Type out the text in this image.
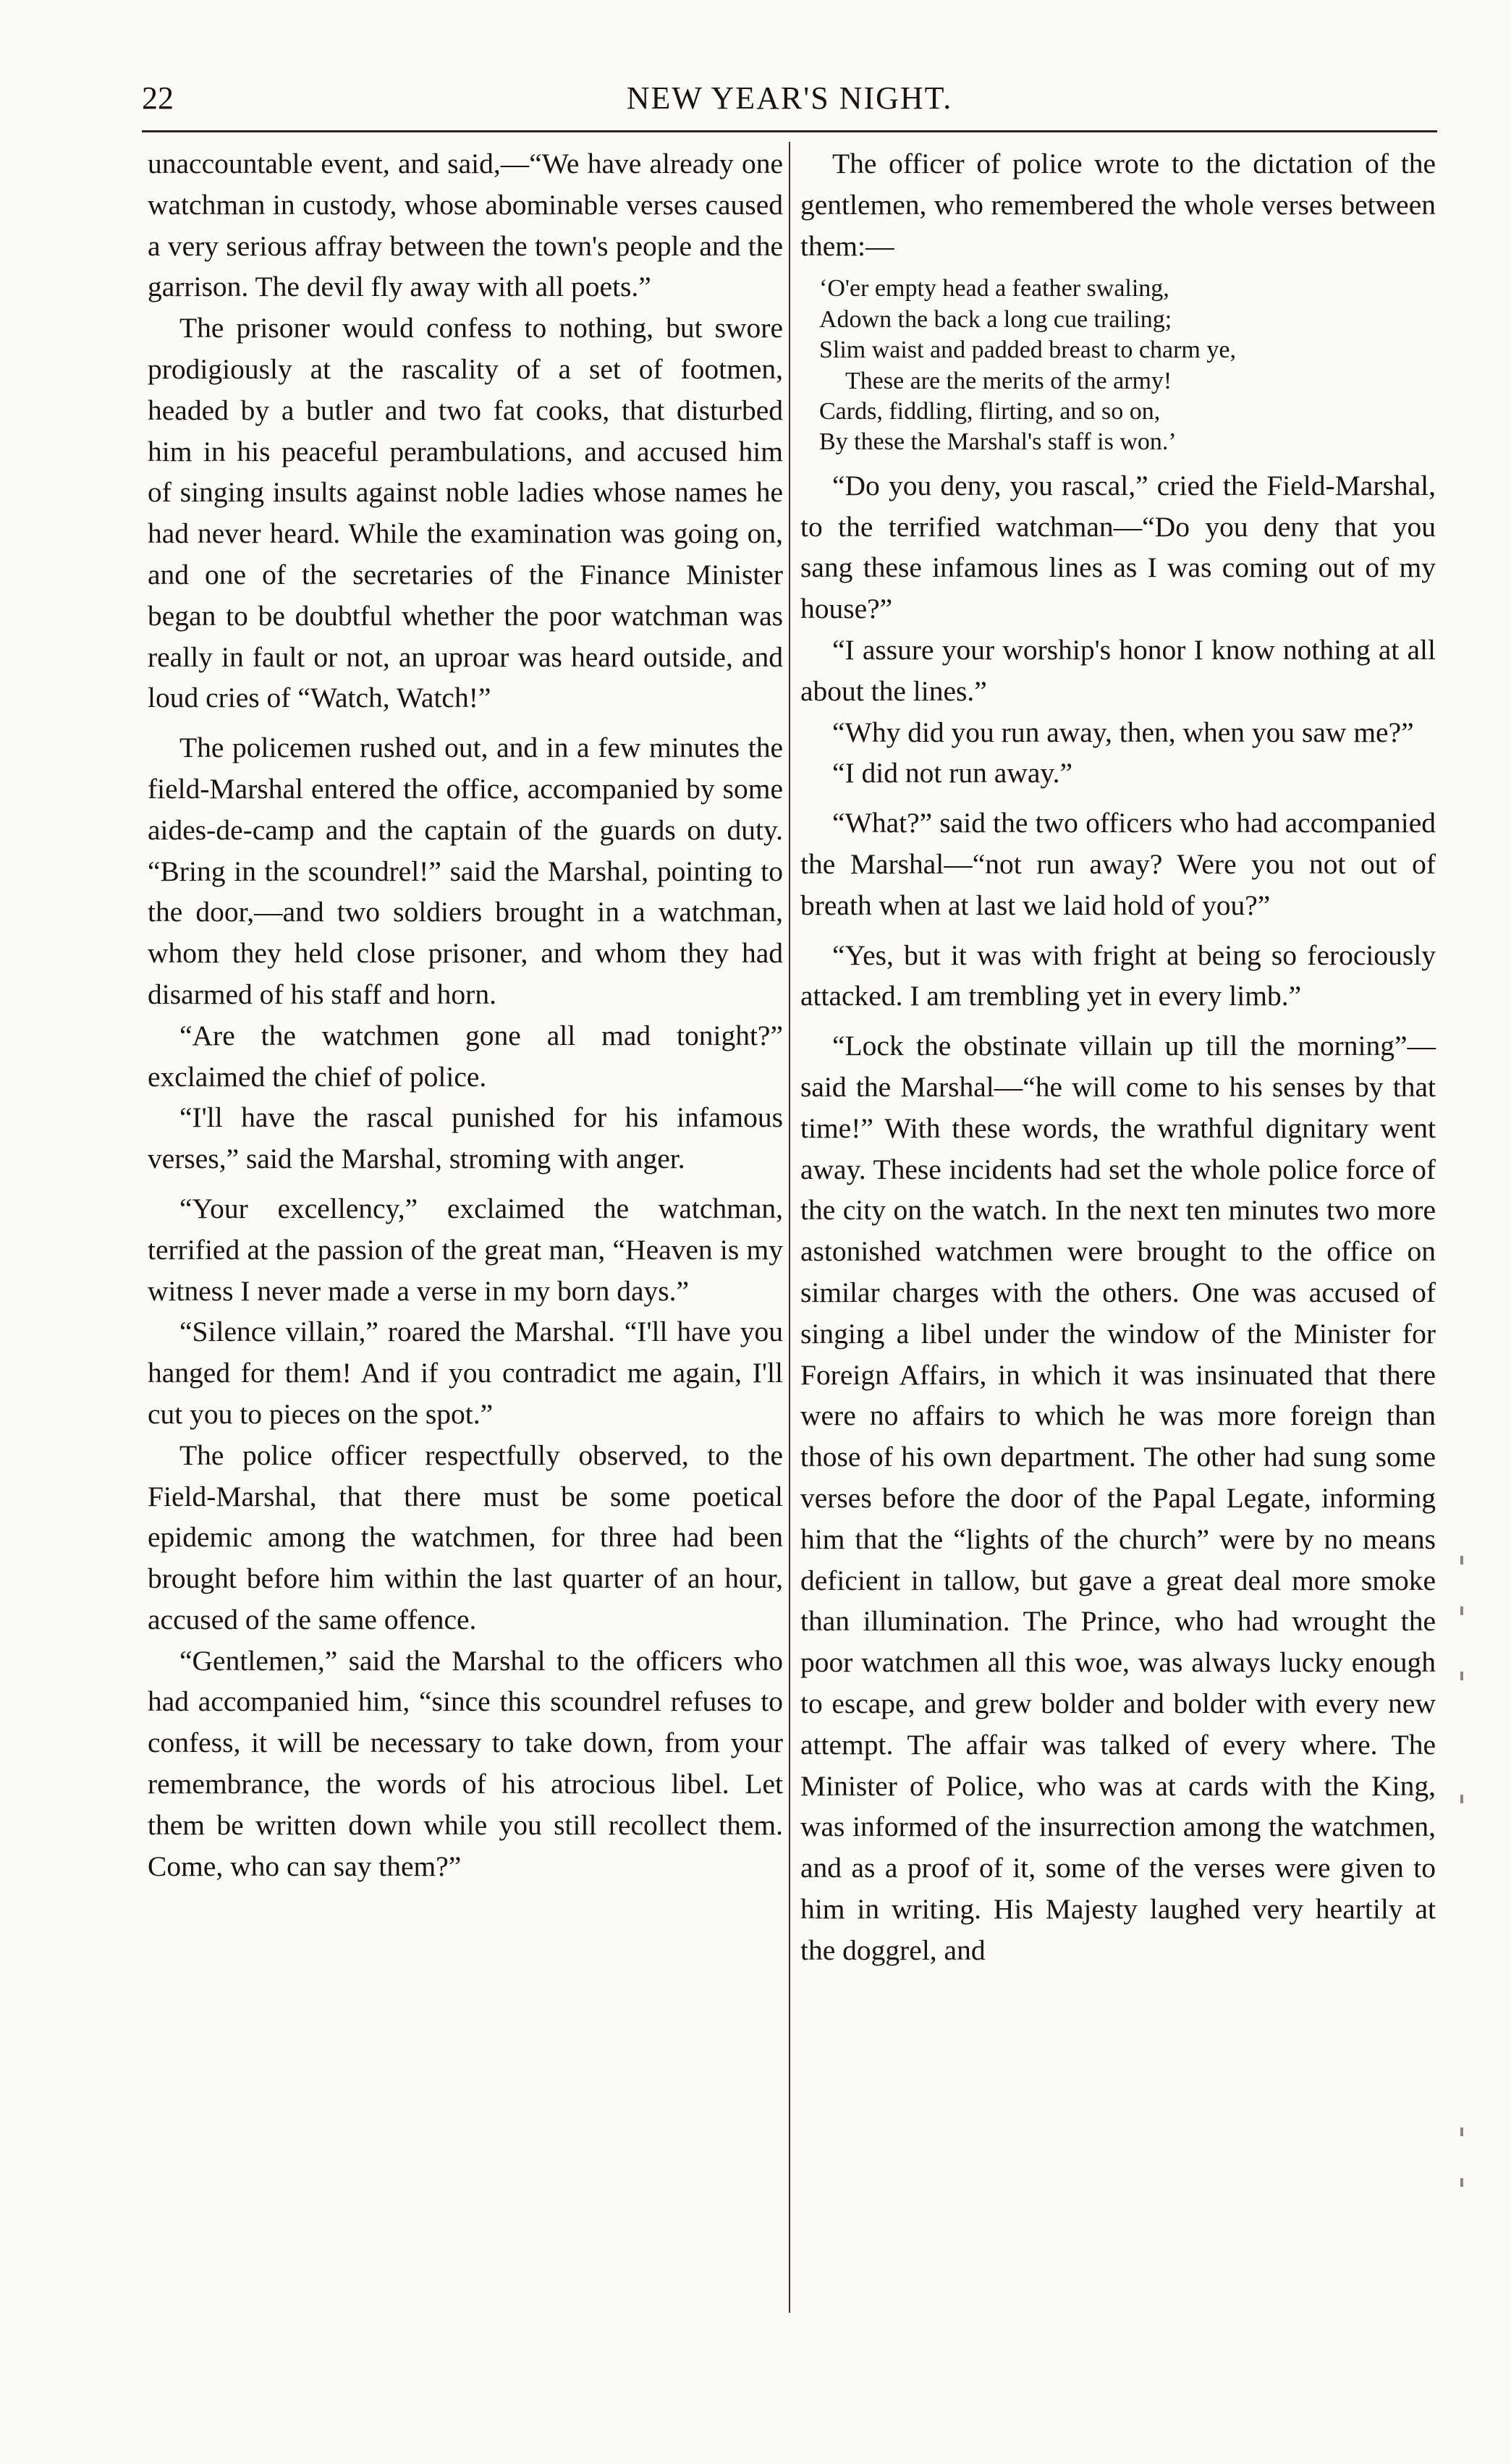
22	NEW YEAR'S NIGHT.

unaccountable event, and said,—“We have already one watchman in custody, whose abominable verses caused a very serious affray between the town's people and the garrison. The devil fly away with all poets.”

The prisoner would confess to nothing, but swore prodigiously at the rascality of a set of footmen, headed by a butler and two fat cooks, that disturbed him in his peaceful perambulations, and accused him of singing insults against noble ladies whose names he had never heard. While the examination was going on, and one of the secretaries of the Finance Minister began to be doubtful whether the poor watchman was really in fault or not, an uproar was heard outside, and loud cries of “Watch, Watch!”

The policemen rushed out, and in a few minutes the field-Marshal entered the office, accompanied by some aides-de-camp and the captain of the guards on duty. “Bring in the scoundrel!” said the Marshal, pointing to the door,—and two soldiers brought in a watchman, whom they held close prisoner, and whom they had disarmed of his staff and horn.

“Are the watchmen gone all mad tonight?” exclaimed the chief of police.

“I'll have the rascal punished for his infamous verses,” said the Marshal, stroming with anger.

“Your excellency,” exclaimed the watchman, terrified at the passion of the great man, “Heaven is my witness I never made a verse in my born days.”

“Silence villain,” roared the Marshal. “I'll have you hanged for them! And if you contradict me again, I'll cut you to pieces on the spot.”

The police officer respectfully observed, to the Field-Marshal, that there must be some poetical epidemic among the watchmen, for three had been brought before him within the last quarter of an hour, accused of the same offence.

“Gentlemen,” said the Marshal to the officers who had accompanied him, “since this scoundrel refuses to confess, it will be necessary to take down, from your remembrance, the words of his atrocious libel. Let them be written down while you still recollect them. Come, who can say them?”

The officer of police wrote to the dictation of the gentlemen, who remembered the whole verses between them:—

‘O'er empty head a feather swaling,
Adown the back a long cue trailing;
Slim waist and padded breast to charm ye,
These are the merits of the army!
Cards, fiddling, flirting, and so on,
By these the Marshal's staff is won.’

“Do you deny, you rascal,” cried the Field-Marshal, to the terrified watchman—“Do you deny that you sang these infamous lines as I was coming out of my house?”

“I assure your worship's honor I know nothing at all about the lines.”

“Why did you run away, then, when you saw me?”

“I did not run away.”

“What?” said the two officers who had accompanied the Marshal—“not run away? Were you not out of breath when at last we laid hold of you?”

“Yes, but it was with fright at being so ferociously attacked. I am trembling yet in every limb.”

“Lock the obstinate villain up till the morning”—said the Marshal—“he will come to his senses by that time!” With these words, the wrathful dignitary went away. These incidents had set the whole police force of the city on the watch. In the next ten minutes two more astonished watchmen were brought to the office on similar charges with the others. One was accused of singing a libel under the window of the Minister for Foreign Affairs, in which it was insinuated that there were no affairs to which he was more foreign than those of his own department. The other had sung some verses before the door of the Papal Legate, informing him that the “lights of the church” were by no means deficient in tallow, but gave a great deal more smoke than illumination. The Prince, who had wrought the poor watchmen all this woe, was always lucky enough to escape, and grew bolder and bolder with every new attempt. The affair was talked of every where. The Minister of Police, who was at cards with the King, was informed of the insurrection among the watchmen, and as a proof of it, some of the verses were given to him in writing. His Majesty laughed very heartily at the doggrel, and
